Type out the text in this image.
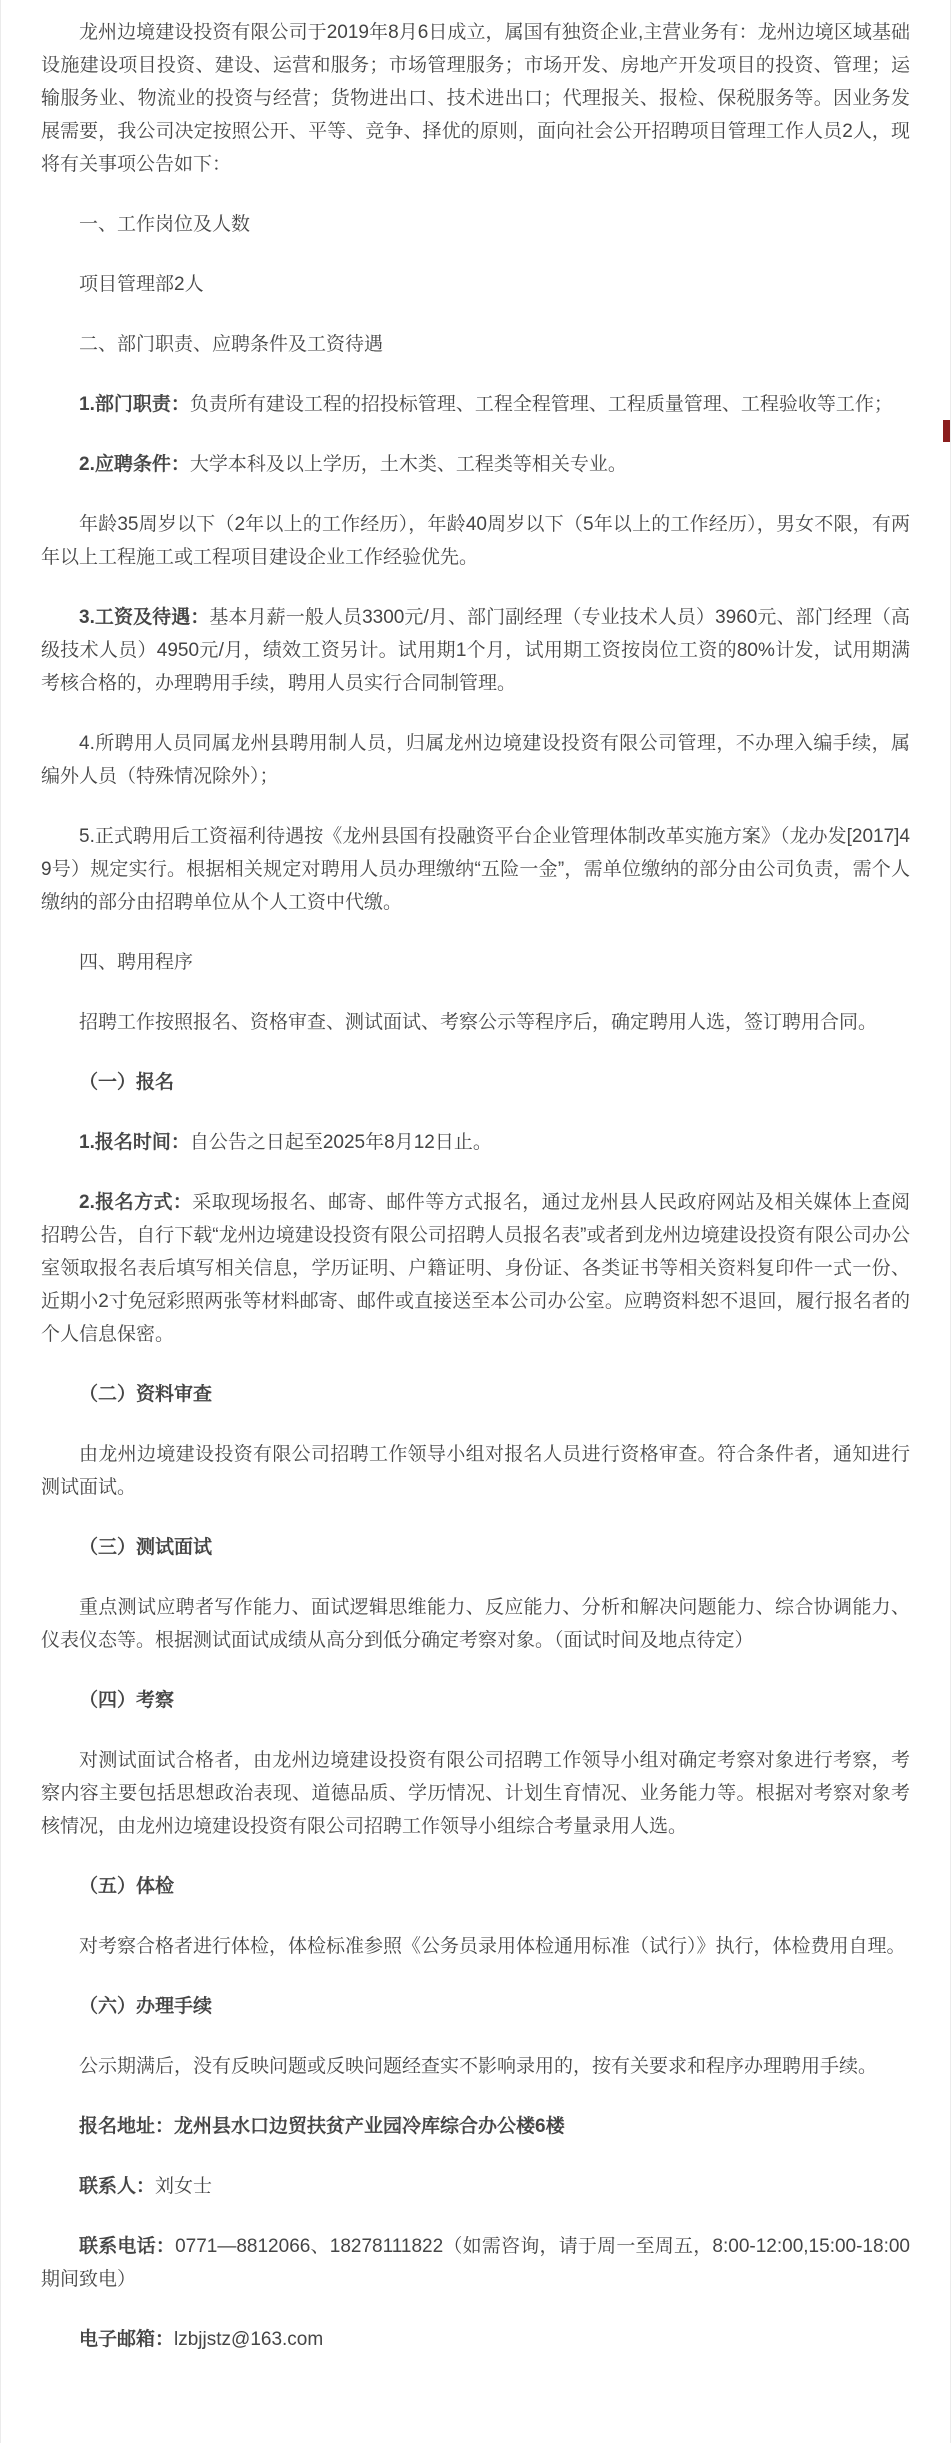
龙州边境建设投资有限公司于2019年8月6日成立，属国有独资企业,主营业务有：龙州边境区域基础设施建设项目投资、建设、运营和服务；市场管理服务；市场开发、房地产开发项目的投资、管理；运输服务业、物流业的投资与经营；货物进出口、技术进出口；代理报关、报检、保税服务等。因业务发展需要，我公司决定按照公开、平等、竞争、择优的原则，面向社会公开招聘项目管理工作人员2人，现将有关事项公告如下：

一、工作岗位及人数

项目管理部2人

二、部门职责、应聘条件及工资待遇

1.部门职责：负责所有建设工程的招投标管理、工程全程管理、工程质量管理、工程验收等工作；

2.应聘条件：大学本科及以上学历，土木类、工程类等相关专业。

年龄35周岁以下（2年以上的工作经历），年龄40周岁以下（5年以上的工作经历），男女不限，有两年以上工程施工或工程项目建设企业工作经验优先。

3.工资及待遇：基本月薪一般人员3300元/月、部门副经理（专业技术人员）3960元、部门经理（高级技术人员）4950元/月，绩效工资另计。试用期1个月，试用期工资按岗位工资的80%计发，试用期满考核合格的，办理聘用手续，聘用人员实行合同制管理。

4.所聘用人员同属龙州县聘用制人员，归属龙州边境建设投资有限公司管理，不办理入编手续，属编外人员（特殊情况除外）；

5.正式聘用后工资福利待遇按《龙州县国有投融资平台企业管理体制改革实施方案》（龙办发[2017]49号）规定实行。根据相关规定对聘用人员办理缴纳“五险一金”，需单位缴纳的部分由公司负责，需个人缴纳的部分由招聘单位从个人工资中代缴。

四、聘用程序

招聘工作按照报名、资格审查、测试面试、考察公示等程序后，确定聘用人选，签订聘用合同。

（一）报名

1.报名时间：自公告之日起至2025年8月12日止。

2.报名方式：采取现场报名、邮寄、邮件等方式报名，通过龙州县人民政府网站及相关媒体上查阅招聘公告，自行下载“龙州边境建设投资有限公司招聘人员报名表”或者到龙州边境建设投资有限公司办公室领取报名表后填写相关信息，学历证明、户籍证明、身份证、各类证书等相关资料复印件一式一份、近期小2寸免冠彩照两张等材料邮寄、邮件或直接送至本公司办公室。应聘资料恕不退回，履行报名者的个人信息保密。

（二）资料审查

由龙州边境建设投资有限公司招聘工作领导小组对报名人员进行资格审查。符合条件者，通知进行测试面试。

（三）测试面试

重点测试应聘者写作能力、面试逻辑思维能力、反应能力、分析和解决问题能力、综合协调能力、仪表仪态等。根据测试面试成绩从高分到低分确定考察对象。（面试时间及地点待定）

（四）考察

对测试面试合格者，由龙州边境建设投资有限公司招聘工作领导小组对确定考察对象进行考察，考察内容主要包括思想政治表现、道德品质、学历情况、计划生育情况、业务能力等。根据对考察对象考核情况，由龙州边境建设投资有限公司招聘工作领导小组综合考量录用人选。

（五）体检

对考察合格者进行体检，体检标准参照《公务员录用体检通用标准（试行）》执行，体检费用自理。

（六）办理手续

公示期满后，没有反映问题或反映问题经查实不影响录用的，按有关要求和程序办理聘用手续。

报名地址：龙州县水口边贸扶贫产业园冷库综合办公楼6楼

联系人：刘女士

联系电话：0771—8812066、18278111822（如需咨询，请于周一至周五，8:00-12:00,15:00-18:00期间致电）

电子邮箱：lzbjjstz@163.com
